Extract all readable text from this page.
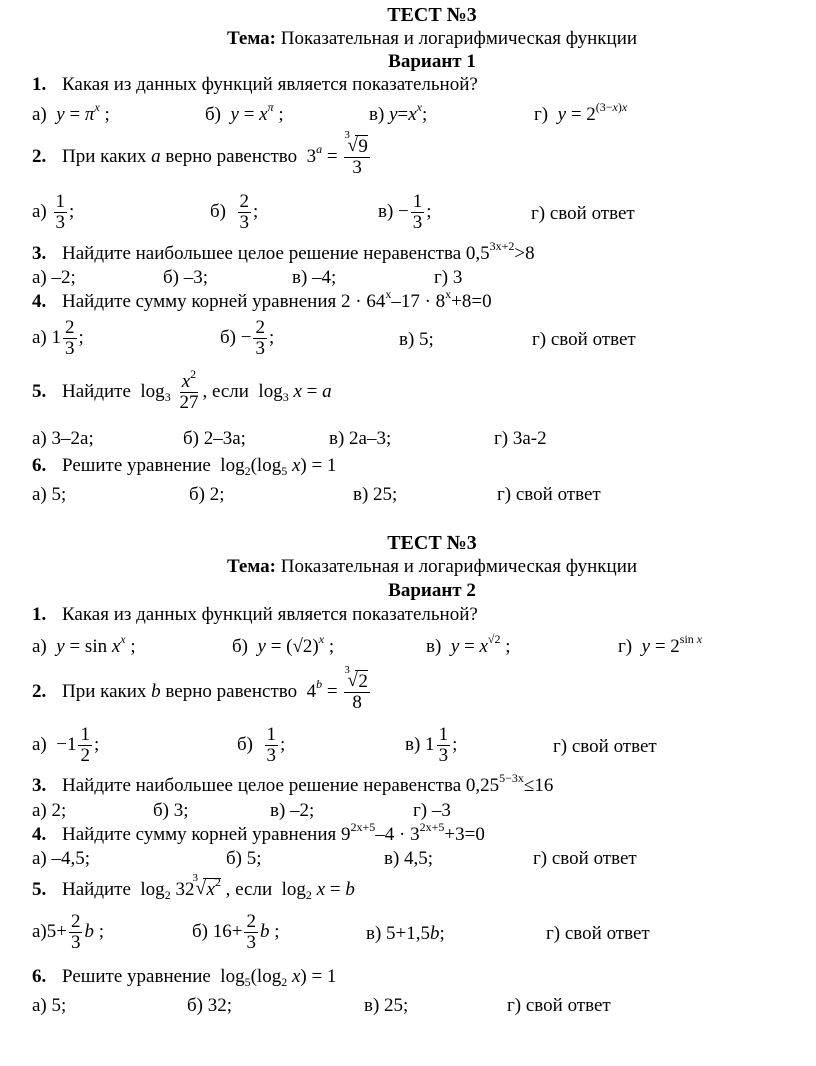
ТЕСТ №3
Тема: Показательная и логарифмическая функции
Вариант 1
1. Какая из данных функций является показательной?
а)  $y = \pi^x$ ;	б)  $y = x^\pi$ ;	в) $y=x^x$;	г)  $y = 2^{(3-x)x}$
2. При каких a верно равенство  $3^a = 3$
√ 9
3
$а) \frac{1}{3}$ ;	$б) \frac{2}{3}$ ;	$в) - \frac{1}{3}$ ;	г) свой ответ
3. Найдите наибольшее целое решение неравенства $0,5^{3x+2}>8$
а) –2;	б) –3;	в) –4;	г) 3
4. Найдите сумму корней уравнения $2 \cdot 64^x-17 \cdot 8^x+8=0$
а) $1 \frac{2}{3}$ ;	$б) - \frac{2}{3}$ ;	в) 5;	г) свой ответ
5. Найдите  $\log_3 \frac{x^2}{27}$ , если  $\log_3 x = a$
а) 3–2а;	б) 2–3а;	в) 2а–3;	г) 3а-2
6. Решите уравнение  $\log_2(\log_5$ x) = 1
а) 5;	б) 2;	в) 25;	г) свой ответ
ТЕСТ №3
Тема: Показательная и логарифмическая функции
Вариант 2
1. Какая из данных функций является показательной?
а)  $y = \sin x^x$ ;	б)  $y = (√2)^x$ ;	в)  $y = x^{√2}$ ;	г)  $y = 2^{sin x}$
2. При каких b верно равенство  $4^b = 3$
√ 2
8
$а) -1 \frac{1}{2}$ ;	$б) \frac{1}{3}$ ;	в) $1 \frac{1}{3}$ ;	г) свой ответ
3. Найдите наибольшее целое решение неравенства $0,25^{5-3x}\le 16$
а) 2;	б) 3;	в) –2;	г) –3
4. Найдите сумму корней уравнения $9^{2x+5}-4 \cdot 3^{2x+5}+3=0$
а) –4,5;	б) 5;	в) 4,5;	г) свой ответ
5. Найдите  $\log_2 32$
3
√ $x^2$ , если  $\log_2 x = b$
$а)5+ \frac{2}{3}$ b ;	б) $16+ \frac{2}{3}$ b ;	в) 5+1,5b;	г) свой ответ
6. Решите уравнение  $\log_5(\log_2$ x) = 1
а) 5;	б) 32;	в) 25;	г) свой ответ
